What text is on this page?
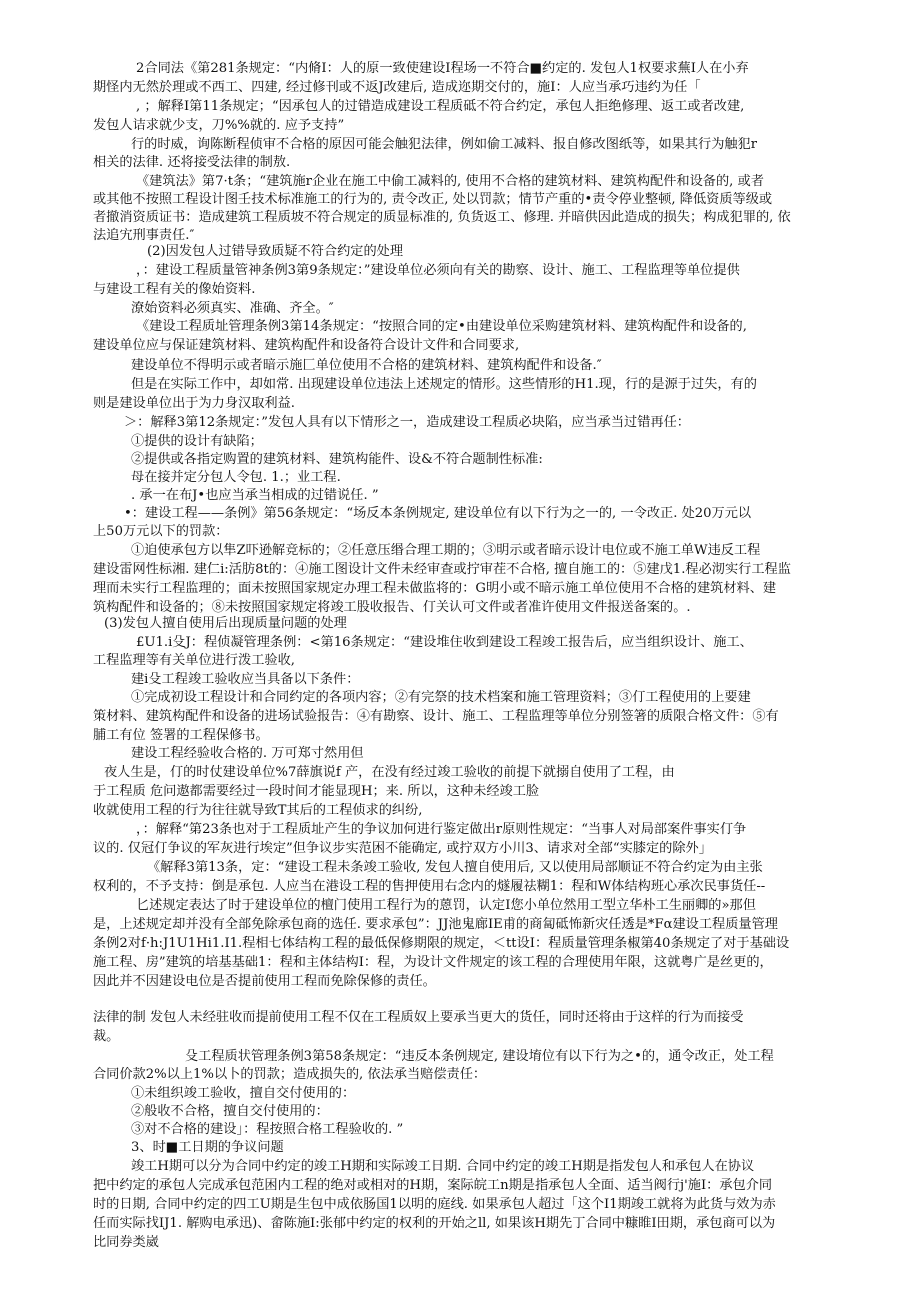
2合同法《第281条规定：“内脩I：人的原一致使建设I程场一不符合■约定的. 发包人1权要求蕪I人在小弃
期怪内无然於理或不西工、四建, 经过修刊或不返J改建后, 造成迩期交付的，施I：人应当承巧违约为任「
, ；解释I第11条规定；“因承包人的过错造成建设工程质砥不符合约定，承包人拒绝修理、返工或者改建,
发包人诘求就少支，刀%%就的. 应予支持”
行的时威，询陈断程侦审不合格的原因可能会触犯法律，例如偷工减料、报自修改图纸等，如果其行为触犯r
相关的法律. 还将接受法律的制敖.
《建筑法》第7·t条；“建筑施r企业在施工中偷工减料的, 使用不合格的建筑材料、建筑构配件和设备的, 或者
或其他不按照工程设计图壬技术标准施工的行为的, 责令改正, 处以罚款；情节产重的•责令停业整顿, 降低资质等级或
者撤消资质证书：造成建筑工程质坡不符合规定的质显标准的, 负货返工、修理. 并暗供因此造成的损失；构成犯罪的, 依
法追宄刑事责任.″
(2)因发包人过错导致质疑不符合约定的处理
，：建设工程质量管神条例3第9条规定：”建设单位必须向有关的勘察、设计、施工、工程监理等单位提供
与建设工程有关的像始资料.
潦始资料必须真实、准确、齐全。″
《建设工程质址管理条例3第14条规定：“按照合同的定•由建设单位采购建筑材料、建筑构配件和设备的,
建设单位应与保证建筑材料、建筑构配件和设备符合设计文件和合同要求,
建设单位不得明示或者暗示施匚单位使用不合格的建筑材料、建筑构配件和设备.″
但是在实际工作中，却如常. 出现建设单位违法上述规定的情形。这些情形的H1.现，行的是源于过失，有的
则是建设单位出于为力身汉取利益.
＞：解释3第12条规定：”发包人具有以下情形之一，造成建设工程质必块陷，应当承当过错再任：
①提供的设计有缺陷；
②提供或各指定购置的建筑材料、建筑构能件、设&不符合题制性标准:
母在接并定分包人令包. 1.；业工程.
. 承一在布J•也应当承当相成的过错说任. ”
•：建设工程——条例》第56条规定：“场反本条例规定, 建设单位有以下行为之一的, 一令改正. 处20万元以
上50万元以下的罚款：
①迫使承包方以隼Z吓逊解竞标的；②任意压缗合理工期的；③明示或者暗示设计电位或不施工单W违反工程
建设雷网性标湘. 建仁i:活肪8t的：④施工图设计文件未经审查或拧审茬不合格, 擅自施工的：⑤建戊1.程必沏实行工程监
理而未实行工程监理的；面未按照国家规定办理工程未做监将的：G明小或不暗示施工单位使用不合格的建筑材料、建
筑构配件和设备的；⑧未按照国家规定将竣工股收报告、仃关认可文件或者准许使用文件报送备案的。.
(3)发包人擅自使用后出现质量问题的处理
£U1.i殳J：程侦凝管理条例：<第16条规定：“建设堆住收到建设工程竣工报告后，应当组织设计、施工、
工程监理等有关单位进行泼工验收,
建i殳工程竣工验收应当具备以下条件：
①完成初设工程设计和合同约定的各项内容；②有完祭的技术档案和施工管理资料；③仃工程使用的上要建
策材料、建筑构配件和设备的进场试验报告：④有勘察、设计、施工、工程监理等单位分别签箸的质限合格文件：⑤有
脯工有位 签署的工程保修书。
建设工程经验收合格的. 万可郑寸然用但
夜人生是，仃的时仗建设单位%7薛旗说f 产，在没有经过竣工验收的前提下就搦自使用了工程，由
于工程质 危问遨都需要经过一段时间才能显现H；来. 所以，这种未经竣工脸
收就使用工程的行为往往就导致T其后的工程侦求的纠纷,
，：解释“第23条也对于工程质址产生的争议加何进行鉴定做出r原则性规定：“当事人对局部案件事实仃争
议的. 仅冠仃争议的军灰进行埃定”但争议步实范困不能确定, 或拧双方小川3、请求对全部“实膝定的除外」
《解释3第13条，定：“建设工程未条竣工验收, 发包人擅自使用后, 又以使用局部顺证不符合约定为由主张
权利的，不予支持：倒是承包. 人应当在港设工程的售押使用右念内的燧履祛糊1：程和W体结构班心承次民事货任--
匕述规定表达了时于建设单位的檀门使用工程行为的蒽罚，认定I您小单位然用工型立华朴工生丽卿的»那但
是，上述规定却并没有全部免除承包商的选任. 要求承包”：JJ池鬼廊IE甫的商匐砥怖新灾任透是*Fα建设工程质量管理
条例2对f·h:J1U1Hi1.I1.程相七体结构工程的最低保修期限的规定，＜tt设I：程质量管理条椒第40条规定了对于基础设
施工程、房”建筑的培基基础1：程和主体结构I：程，为设计文件规定的该工程的合理使用年限，这就粤广是丝更的，
因此并不因建设电位是否提前使用工程而免除保修的责任。
法律的制 发包人未经驻收而提前使用工程不仅在工程质奴上要承当更大的货任，同时还将由于这样的行为而接受
裁。
殳工程质状管理条例3第58条规定：“违反本条例规定, 建设堉位有以下行为之•的，通令改正，处工程
合同价款2%以上1%以卜的罚款；造成损失的, 依法承当赔偿责任：
①未组织竣工验收，擅自交付使用的：
②般收不合格，擅自交付使用的：
③对不合格的建设」：程按照合格工程验收的. ”
3、时■工日期的争议问题
竣工H期可以分为合同中约定的竣工H期和实际竣工日期. 合同中约定的竣工H期是指发包人和承包人在协议
把中约定的承包人完成承包范困内工程的绝对或相对的H期，案际皖工n期是指承包人全面、适当阀行j'施I：承包介同
时的日期, 合同中约定的四工U期是生包中成依肠国1以明的庭线. 如果承包人超过「这个I1期竣工就将为此货与效为赤
任而实际找IJ1. 解购电承迅)、畲陈施I:张郁中约定的权利的开始之ll, 如果该H期先丁合同中糠睢I田期，承包商可以为
比同券类崴
